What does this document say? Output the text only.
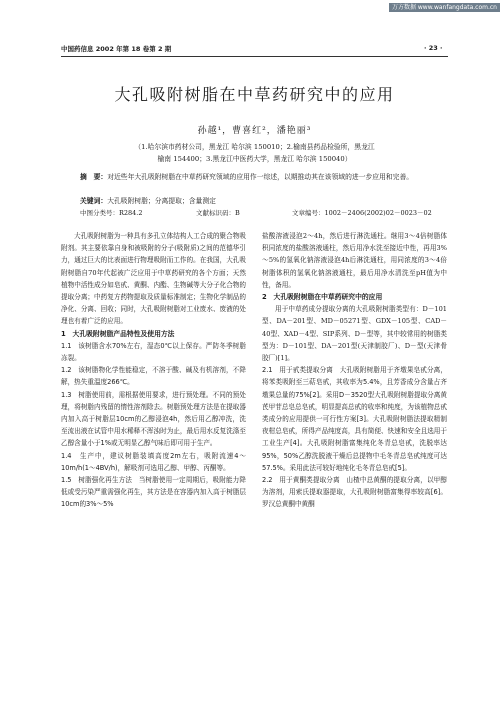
万方数据 www.wanfangdata.com.cn
中国药信息 2002 年第 18 卷第 2 期	· 23 ·
大孔吸附树脂在中草药研究中的应用
孙越¹，曹喜红²，潘艳丽³
（1.哈尔滨市药材公司，黑龙江 哈尔滨 150010；2.榆南县药品检验所，黑龙江
榆南 154400；3.黑龙江中医药大学，黑龙江 哈尔滨 150040）
摘　要：对近些年大孔吸附树脂在中草药研究领域的应用作一综述，以期推动其在该领域的进一步应用和完善。
关键词：大孔吸附树脂；分离提取；含量测定
中图分类号：R284.2	文献标识码：B	文章编号：1002－2406(2002)02－0023－02

大孔吸附树脂为一种具有多孔立体结构人工合成的聚合物吸附剂。其主要依靠自身和被吸附的分子(吸附质)之间的范德华引力，通过巨大的比表面进行物理吸附而工作的。在我国，大孔吸附树脂自70年代起被广泛应用于中草药研究的各个方面；天然植物中活性成分如皂甙、黄酮、内酯、生物碱等大分子化合物的提取分离；中药复方药物提取及质量标准制定；生物化学制品的净化、分离、回收；同时，大孔吸附树脂对工业废水、废液的处理也有着广泛的应用。

1　大孔吸附树脂产品特性及使用方法

1.1　该树脂含水70%左右，湿态0℃以上保存。严防冬季树脂冻裂。

1.2　该树脂物化学性能稳定，不溶于酸、碱及有机溶剂，不降解，热失重温度266℃。

1.3　树脂使用前，需根据使用要求，进行预处理。不同的预处理，将树脂内残留的惰性溶剂除去。树脂预处理方法是在提取器内加入高于树脂层10cm的乙醇浸泡4h，然后用乙醇冲洗，洗至流出液在试管中用水稀释不浑浊时为止，最后用水反复洗涤至乙醇含量小于1%或无明显乙醇气味后即可用于生产。

1.4　生产中，建议树脂装填高度2m左右，吸附流速4～10m/h(1～4BV/h)，解吸剂可选用乙醇、甲醇、丙酮等。

1.5　树脂强化再生方法　当树脂使用一定周期后，吸附能力降低或受污染严重需强化再生，其方法是在容器内加入高于树脂层10cm的3%～5%

盐酸溶液浸泡2～4h，然后进行淋洗通柱。继用3～4倍树脂体积同浓度的盐酸溶液通柱，然后用净水洗至接近中性，再用3%～5%的氢氧化钠溶液浸泡4h后淋洗通柱，用同浓度的3～4倍树脂体积的氢氧化钠溶液通柱，最后用净水清洗至pH值为中性，备用。

2　大孔吸附树脂在中草药研究中的应用

用于中草药成分提取分离的大孔吸附树脂类型有：D－101型、DA－201型、MD－05271型、GDX－105型、CAD－40型、XAD－4型、SIP系列、D－型等，其中较常用的树脂类型为：D－101型、DA－201型(天津制胶厂)、D－型(天津骨胶厂)[1]。

2.1　用于甙类提取分离　大孔吸附树脂用于齐墩果皂甙分离，将苯类吸附至三萜皂甙，其收率为5.4%，且芳香成分含量占齐墩果总量的75%[2]。采用D－3520型大孔吸附树脂提取分离黄芪甲苷总皂总皂甙，明显提高总甙的收率和纯度，为该植物总甙类成分的应用提供一可行性方案[3]。大孔吸附树脂法提取精制夜柑总皂甙，所得产品纯度高，具有简便、快速和安全且选用于工业生产[4]。大孔吸附树脂富集纯化冬青总皂甙，洗脱率达95%，50%乙醇洗脱液干燥后总提物中毛冬青总皂甙纯度可达57.5%。采用此法可较好地纯化毛冬青总皂甙[5]。

2.2　用于黄酮类提取分离　山楂中总黄酮的提取分离，以甲醇为溶剂，用索氏提取器提取，大孔吸附树脂富集得率较高[6]。罗汉总黄酮中黄酮
